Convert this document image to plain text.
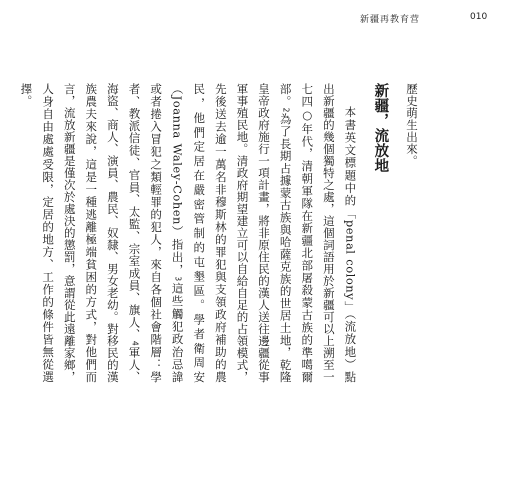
新疆再教育营	010

歷史萌生出來。

新疆，流放地

本書英文標題中的「penal colony」（流放地）點出新疆的幾個獨特之處，這個詞語用於新疆可以上溯至一七四○年代，清朝軍隊在新疆北部屠殺蒙古族的準噶爾部。2為了長期占據蒙古族與哈薩克族的世居土地，乾隆皇帝政府施行一項計畫，將非原住民的漢人送往邊疆從事軍事殖民地。清政府期望建立可以自給自足的占領模式，先後送去逾一萬名非穆斯林的罪犯與支領政府補助的農民，他們定居在嚴密管制的屯墾區。學者衛周安（Joanna Waley-Cohen）指出，3這些觸犯政治忌諱或者捲入冒犯之類輕罪的犯人，來自各個社會階層：學者、教派信徒、官員、太監、宗室成員、旗人、4軍人、海盜、商人、演員、農民、奴隸、男女老幼。對移民的漢族農夫來說，這是一種逃離極端貧困的方式，對他們而言，流放新疆是僅次於處決的懲罰，意謂從此遠離家鄉，人身自由處處受限，定居的地方、工作的條件皆無從選擇。
